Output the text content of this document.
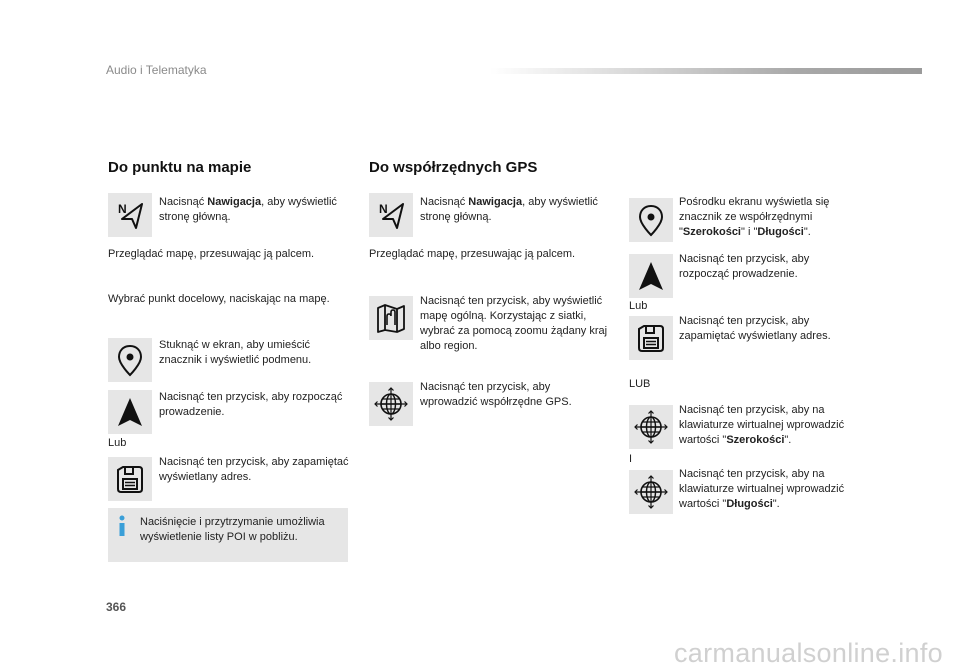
Audio i Telematyka
Do punktu na mapie
N	Nacisnąć Nawigacja, aby wyświetlić stronę główną.
Przeglądać mapę, przesuwając ją palcem.
Wybrać punkt docelowy, naciskając na mapę.
Stuknąć w ekran, aby umieścić znacznik i wyświetlić podmenu.
Nacisnąć ten przycisk, aby rozpocząć prowadzenie.
Lub
Nacisnąć ten przycisk, aby zapamiętać wyświetlany adres.
Naciśnięcie i przytrzymanie umożliwia wyświetlenie listy POI w pobliżu.
Do współrzędnych GPS
N	Nacisnąć Nawigacja, aby wyświetlić stronę główną.
Przeglądać mapę, przesuwając ją palcem.
Nacisnąć ten przycisk, aby wyświetlić mapę ogólną. Korzystając z siatki, wybrać za pomocą zoomu żądany kraj albo region.
Nacisnąć ten przycisk, aby wprowadzić współrzędne GPS.
Pośrodku ekranu wyświetla się znacznik ze współrzędnymi "Szerokości" i "Długości".
Nacisnąć ten przycisk, aby rozpocząć prowadzenie.
Lub
Nacisnąć ten przycisk, aby zapamiętać wyświetlany adres.
LUB
Nacisnąć ten przycisk, aby na klawiaturze wirtualnej wprowadzić wartości "Szerokości".
I
Nacisnąć ten przycisk, aby na klawiaturze wirtualnej wprowadzić wartości "Długości".
366
carmanualsonline.info
